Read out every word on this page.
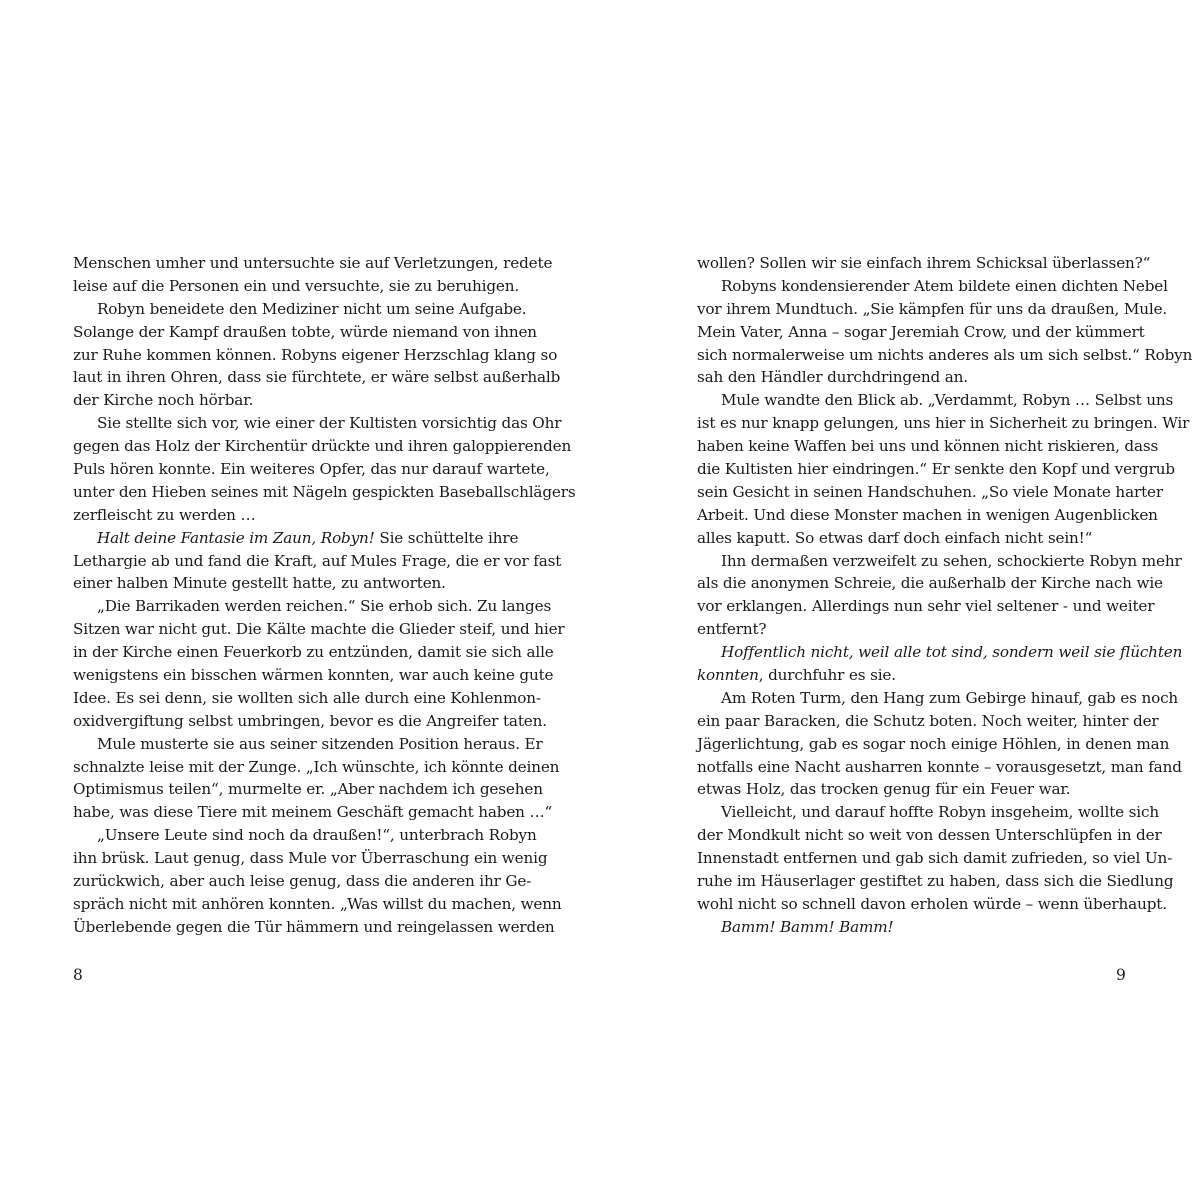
Menschen umher und untersuchte sie auf Verletzungen, redete
leise auf die Personen ein und versuchte, sie zu beruhigen.
Robyn beneidete den Mediziner nicht um seine Aufgabe.
Solange der Kampf draußen tobte, würde niemand von ihnen
zur Ruhe kommen können. Robyns eigener Herzschlag klang so
laut in ihren Ohren, dass sie fürchtete, er wäre selbst außerhalb
der Kirche noch hörbar.
Sie stellte sich vor, wie einer der Kultisten vorsichtig das Ohr
gegen das Holz der Kirchentür drückte und ihren galoppierenden
Puls hören konnte. Ein weiteres Opfer, das nur darauf wartete,
unter den Hieben seines mit Nägeln gespickten Baseballschlägers
zerfleischt zu werden …
Halt deine Fantasie im Zaun, Robyn! Sie schüttelte ihre
Lethargie ab und fand die Kraft, auf Mules Frage, die er vor fast
einer halben Minute gestellt hatte, zu antworten.
„Die Barrikaden werden reichen.“ Sie erhob sich. Zu langes
Sitzen war nicht gut. Die Kälte machte die Glieder steif, und hier
in der Kirche einen Feuerkorb zu entzünden, damit sie sich alle
wenigstens ein bisschen wärmen konnten, war auch keine gute
Idee. Es sei denn, sie wollten sich alle durch eine Kohlenmon-
oxidvergiftung selbst umbringen, bevor es die Angreifer taten.
Mule musterte sie aus seiner sitzenden Position heraus. Er
schnalzte leise mit der Zunge. „Ich wünschte, ich könnte deinen
Optimismus teilen“, murmelte er. „Aber nachdem ich gesehen
habe, was diese Tiere mit meinem Geschäft gemacht haben …“
„Unsere Leute sind noch da draußen!“, unterbrach Robyn
ihn brüsk. Laut genug, dass Mule vor Überraschung ein wenig
zurückwich, aber auch leise genug, dass die anderen ihr Ge-
spräch nicht mit anhören konnten. „Was willst du machen, wenn
Überlebende gegen die Tür hämmern und reingelassen werden
wollen? Sollen wir sie einfach ihrem Schicksal überlassen?“
Robyns kondensierender Atem bildete einen dichten Nebel
vor ihrem Mundtuch. „Sie kämpfen für uns da draußen, Mule.
Mein Vater, Anna – sogar Jeremiah Crow, und der kümmert
sich normalerweise um nichts anderes als um sich selbst.“ Robyn
sah den Händler durchdringend an.
Mule wandte den Blick ab. „Verdammt, Robyn … Selbst uns
ist es nur knapp gelungen, uns hier in Sicherheit zu bringen. Wir
haben keine Waffen bei uns und können nicht riskieren, dass
die Kultisten hier eindringen.“ Er senkte den Kopf und vergrub
sein Gesicht in seinen Handschuhen. „So viele Monate harter
Arbeit. Und diese Monster machen in wenigen Augenblicken
alles kaputt. So etwas darf doch einfach nicht sein!“
Ihn dermaßen verzweifelt zu sehen, schockierte Robyn mehr
als die anonymen Schreie, die außerhalb der Kirche nach wie
vor erklangen. Allerdings nun sehr viel seltener - und weiter
entfernt?
Hoffentlich nicht, weil alle tot sind, sondern weil sie flüchten
konnten, durchfuhr es sie.
Am Roten Turm, den Hang zum Gebirge hinauf, gab es noch
ein paar Baracken, die Schutz boten. Noch weiter, hinter der
Jägerlichtung, gab es sogar noch einige Höhlen, in denen man
notfalls eine Nacht ausharren konnte – vorausgesetzt, man fand
etwas Holz, das trocken genug für ein Feuer war.
Vielleicht, und darauf hoffte Robyn insgeheim, wollte sich
der Mondkult nicht so weit von dessen Unterschlüpfen in der
Innenstadt entfernen und gab sich damit zufrieden, so viel Un-
ruhe im Häuserlager gestiftet zu haben, dass sich die Siedlung
wohl nicht so schnell davon erholen würde – wenn überhaupt.
Bamm! Bamm! Bamm!
8	9
